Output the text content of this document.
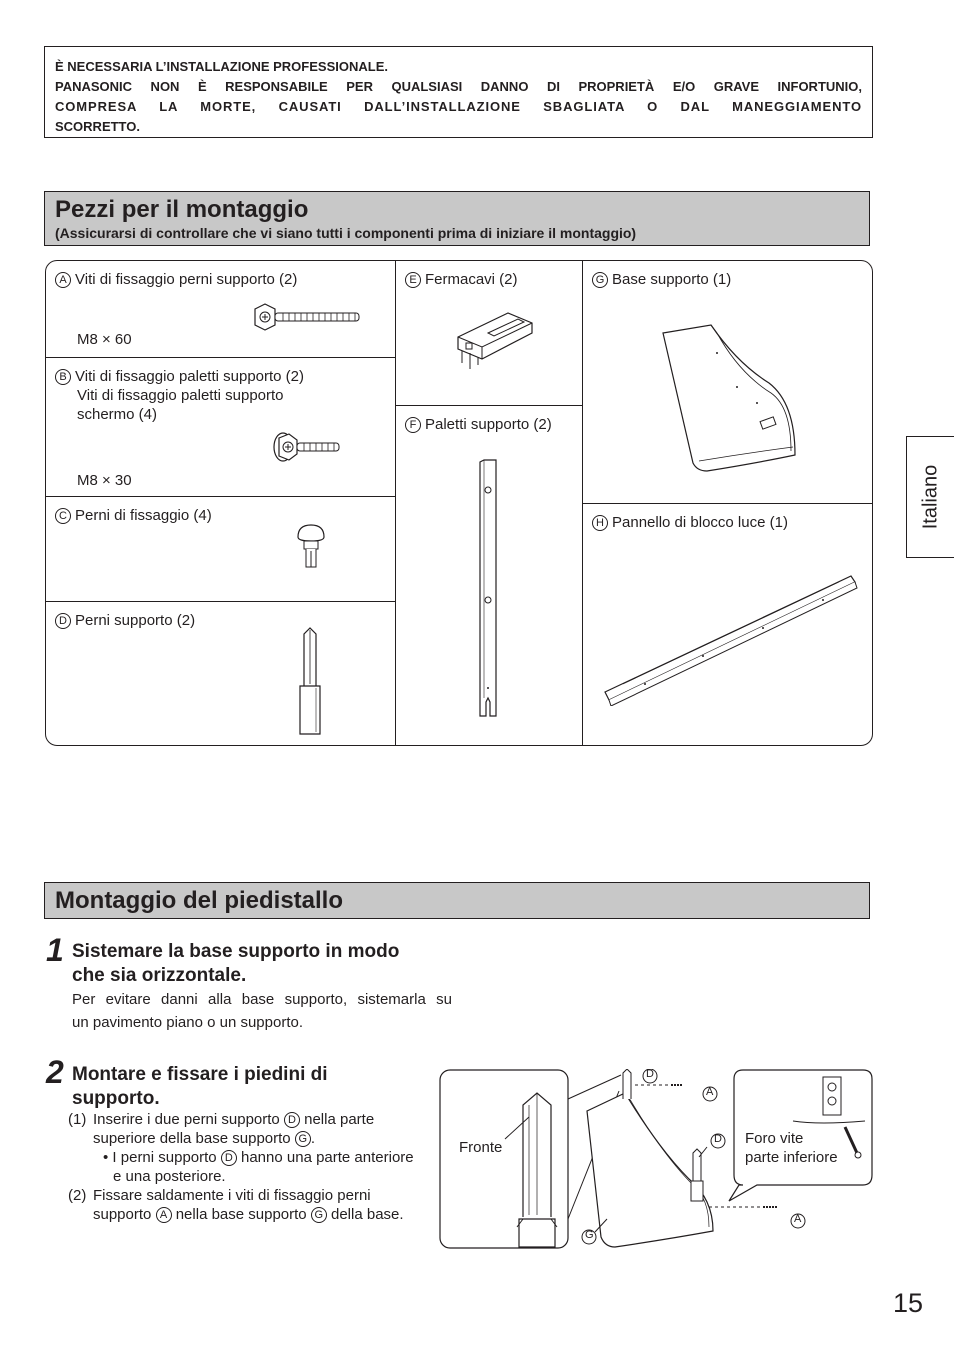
È NECESSARIA L’INSTALLAZIONE PROFESSIONALE.
PANASONIC NON È RESPONSABILE PER QUALSIASI DANNO DI PROPRIETÀ E/O GRAVE INFORTUNIO,
COMPRESA LA MORTE, CAUSATI DALL’INSTALLAZIONE SBAGLIATA O DAL MANEGGIAMENTO
SCORRETTO.
Pezzi per il montaggio
(Assicurarsi di controllare che vi siano tutti i componenti prima di iniziare il montaggio)
A Viti di fissaggio perni supporto (2)
M8 × 60
B Viti di fissaggio paletti supporto (2)
Viti di fissaggio paletti supporto
schermo (4)
M8 × 30
C Perni di fissaggio (4)
D Perni supporto (2)
E Fermacavi (2)
F Paletti supporto (2)
G Base supporto (1)
H Pannello di blocco luce (1)	Italiano
Montaggio del piedistallo
1 Sistemare la base supporto in modo
che sia orizzontale.
Per evitare danni alla base supporto, sistemarla su
un pavimento piano o un supporto.
2 Montare e fissare i piedini di
supporto.
(1) Inserire i due perni supporto D nella parte
superiore della base supporto G .
• I perni supporto D hanno una parte anteriore
e una posteriore.
(2) Fissare saldamente i viti di fissaggio perni
supporto A nella base supporto G della base.
Fronte
Foro vite
parte inferiore
D
A
D
A
G
15
